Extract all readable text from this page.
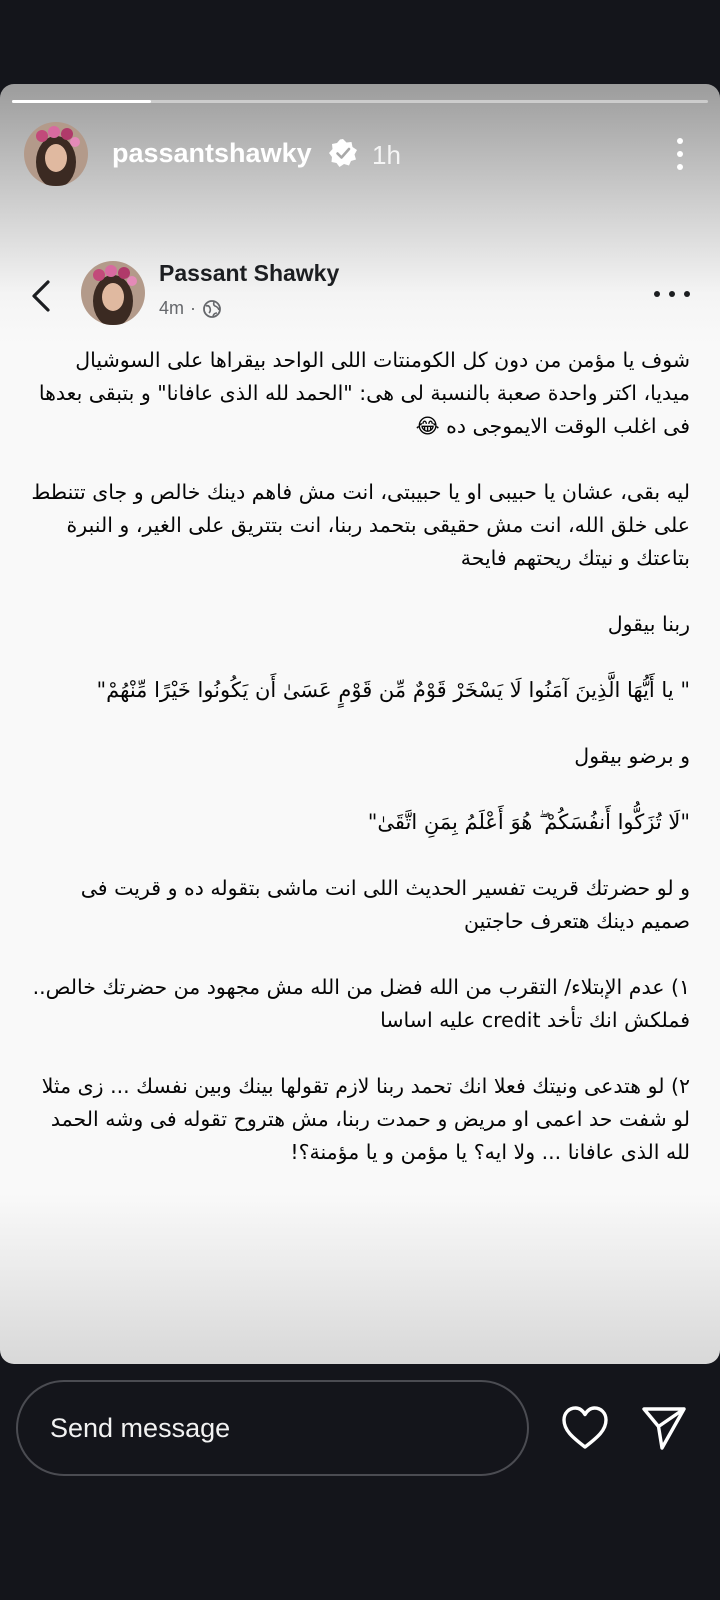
passantshawky 1h
Passant Shawky
4m ·

شوف يا مؤمن من دون كل الكومنتات اللى الواحد بيقراها على السوشيال ميديا، اكتر واحدة صعبة بالنسبة لى هى: "الحمد لله الذى عافانا" و بتبقى بعدها فى اغلب الوقت الايموجى ده 😂

ليه بقى، عشان يا حبيبى او يا حبيبتى، انت مش فاهم دينك خالص و جاى تتنطط على خلق الله، انت مش حقيقى بتحمد ربنا، انت بتتريق على الغير، و النبرة بتاعتك و نيتك ريحتهم فايحة

ربنا بيقول

" يا أَيُّهَا الَّذِينَ آمَنُوا لَا يَسْخَرْ قَوْمٌ مِّن قَوْمٍ عَسَىٰ أَن يَكُونُوا خَيْرًا مِّنْهُمْ"

و برضو بيقول

"لَا تُزَكُّوا أَنفُسَكُمْ ۖ هُوَ أَعْلَمُ بِمَنِ اتَّقَىٰ"

و لو حضرتك قريت تفسير الحديث اللى انت ماشى بتقوله ده و قريت فى صميم دينك هتعرف حاجتين

١) عدم الإبتلاء/ التقرب من الله فضل من الله مش مجهود من حضرتك خالص.. فملكش انك تأخد credit عليه اساسا

٢) لو هتدعى ونيتك فعلا انك تحمد ربنا لازم تقولها بينك وبين نفسك ... زى مثلا لو شفت حد اعمى او مريض و حمدت ربنا، مش هتروح تقوله فى وشه الحمد لله الذى عافانا ... ولا ايه؟ يا مؤمن و يا مؤمنة؟!

Send message
